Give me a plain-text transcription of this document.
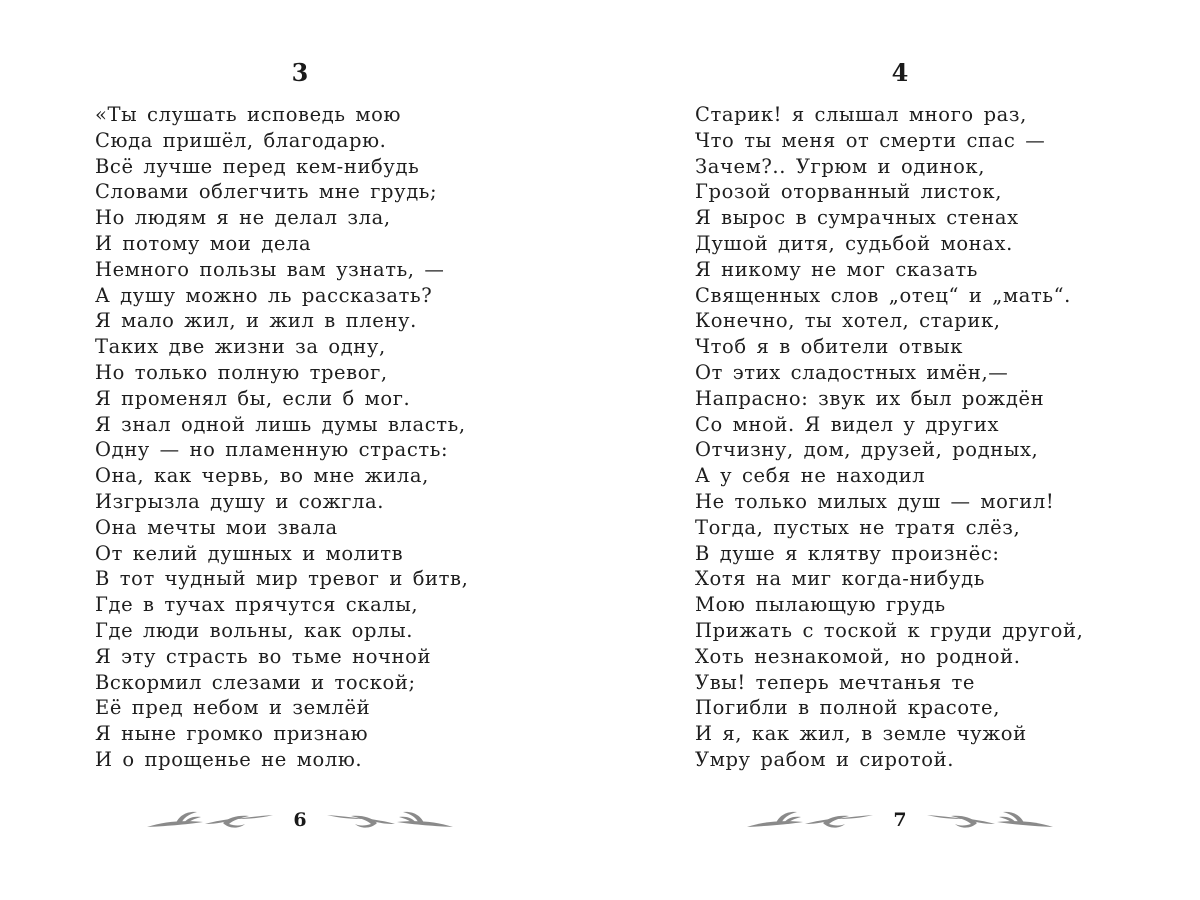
3
«Ты слушать исповедь мою
Сюда пришёл, благодарю.
Всё лучше перед кем-нибудь
Словами облегчить мне грудь;
Но людям я не делал зла,
И потому мои дела
Немного пользы вам узнать, —
А душу можно ль рассказать?
Я мало жил, и жил в плену.
Таких две жизни за одну,
Но только полную тревог,
Я променял бы, если б мог.
Я знал одной лишь думы власть,
Одну — но пламенную страсть:
Она, как червь, во мне жила,
Изгрызла душу и сожгла.
Она мечты мои звала
От келий душных и молитв
В тот чудный мир тревог и битв,
Где в тучах прячутся скалы,
Где люди вольны, как орлы.
Я эту страсть во тьме ночной
Вскормил слезами и тоской;
Её пред небом и землёй
Я ныне громко признаю
И о прощенье не молю.
6
4
Старик! я слышал много раз,
Что ты меня от смерти спас —
Зачем?.. Угрюм и одинок,
Грозой оторванный листок,
Я вырос в сумрачных стенах
Душой дитя, судьбой монах.
Я никому не мог сказать
Священных слов „отец“ и „мать“.
Конечно, ты хотел, старик,
Чтоб я в обители отвык
От этих сладостных имён,—
Напрасно: звук их был рождён
Со мной. Я видел у других
Отчизну, дом, друзей, родных,
А у себя не находил
Не только милых душ — могил!
Тогда, пустых не тратя слёз,
В душе я клятву произнёс:
Хотя на миг когда-нибудь
Мою пылающую грудь
Прижать с тоской к груди другой,
Хоть незнакомой, но родной.
Увы! теперь мечтанья те
Погибли в полной красоте,
И я, как жил, в земле чужой
Умру рабом и сиротой.
7
